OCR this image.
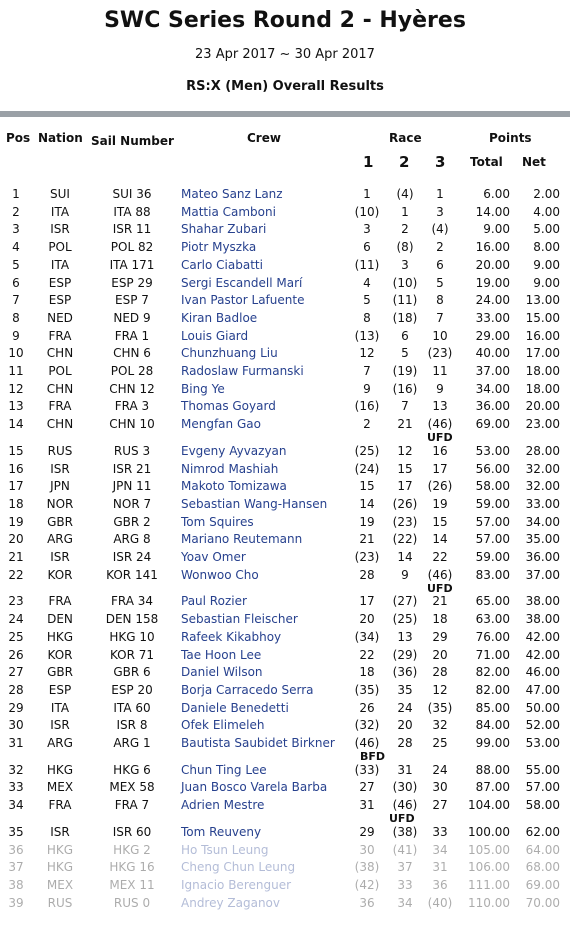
SWC Series Round 2 - Hyères
23 Apr 2017 ~ 30 Apr 2017
RS:X (Men) Overall Results
Pos Nation Sail Number	Crew	Race	Points
1 2 3 Total Net
1	SUI	SUI 36	Mateo Sanz Lanz	1	(4)	1	6.00	2.00
2	ITA	ITA 88	Mattia Camboni	(10)	1	3	14.00	4.00
3	ISR	ISR 11	Shahar Zubari	3	2	(4)	9.00	5.00
4	POL	POL 82	Piotr Myszka	6	(8)	2	16.00	8.00
5	ITA	ITA 171	Carlo Ciabatti	(11)	3	6	20.00	9.00
6	ESP	ESP 29	Sergi Escandell Marí	4	(10)	5	19.00	9.00
7	ESP	ESP 7	Ivan Pastor Lafuente	5	(11)	8	24.00	13.00
8	NED	NED 9	Kiran Badloe	8	(18)	7	33.00	15.00
9	FRA	FRA 1	Louis Giard	(13)	6	10	29.00	16.00
10	CHN	CHN 6	Chunzhuang Liu	12	5	(23)	40.00	17.00
11	POL	POL 28	Radoslaw Furmanski	7	(19)	11	37.00	18.00
12	CHN	CHN 12	Bing Ye	9	(16)	9	34.00	18.00
13	FRA	FRA 3	Thomas Goyard	(16)	7	13	36.00	20.00
14	CHN	CHN 10	Mengfan Gao	2	21	(46)	69.00	23.00
UFD
15	RUS	RUS 3	Evgeny Ayvazyan	(25)	12	16	53.00	28.00
16	ISR	ISR 21	Nimrod Mashiah	(24)	15	17	56.00	32.00
17	JPN	JPN 11	Makoto Tomizawa	15	17	(26)	58.00	32.00
18	NOR	NOR 7	Sebastian Wang-Hansen	14	(26)	19	59.00	33.00
19	GBR	GBR 2	Tom Squires	19	(23)	15	57.00	34.00
20	ARG	ARG 8	Mariano Reutemann	21	(22)	14	57.00	35.00
21	ISR	ISR 24	Yoav Omer	(23)	14	22	59.00	36.00
22	KOR	KOR 141	Wonwoo Cho	28	9	(46)	83.00	37.00
UFD
23	FRA	FRA 34	Paul Rozier	17	(27)	21	65.00	38.00
24	DEN	DEN 158	Sebastian Fleischer	20	(25)	18	63.00	38.00
25	HKG	HKG 10	Rafeek Kikabhoy	(34)	13	29	76.00	42.00
26	KOR	KOR 71	Tae Hoon Lee	22	(29)	20	71.00	42.00
27	GBR	GBR 6	Daniel Wilson	18	(36)	28	82.00	46.00
28	ESP	ESP 20	Borja Carracedo Serra	(35)	35	12	82.00	47.00
29	ITA	ITA 60	Daniele Benedetti	26	24	(35)	85.00	50.00
30	ISR	ISR 8	Ofek Elimeleh	(32)	20	32	84.00	52.00
31	ARG	ARG 1	Bautista Saubidet Birkner (46)	28	25	99.00	53.00
BFD
32	HKG	HKG 6	Chun Ting Lee	(33)	31	24	88.00	55.00
33	MEX	MEX 58	Juan Bosco Varela Barba	27	(30)	30	87.00	57.00
34	FRA	FRA 7	Adrien Mestre	31	(46)	27	104.00	58.00
UFD
35	ISR	ISR 60	Tom Reuveny	29	(38)	33	100.00	62.00
36	HKG	HKG 2	Ho Tsun Leung	30	(41)	34	105.00	64.00
37	HKG	HKG 16	Cheng Chun Leung	(38)	37	31	106.00	68.00
38	MEX	MEX 11	Ignacio Berenguer	(42)	33	36	111.00	69.00
39	RUS	RUS 0	Andrey Zaganov	36	34	(40)	110.00	70.00
